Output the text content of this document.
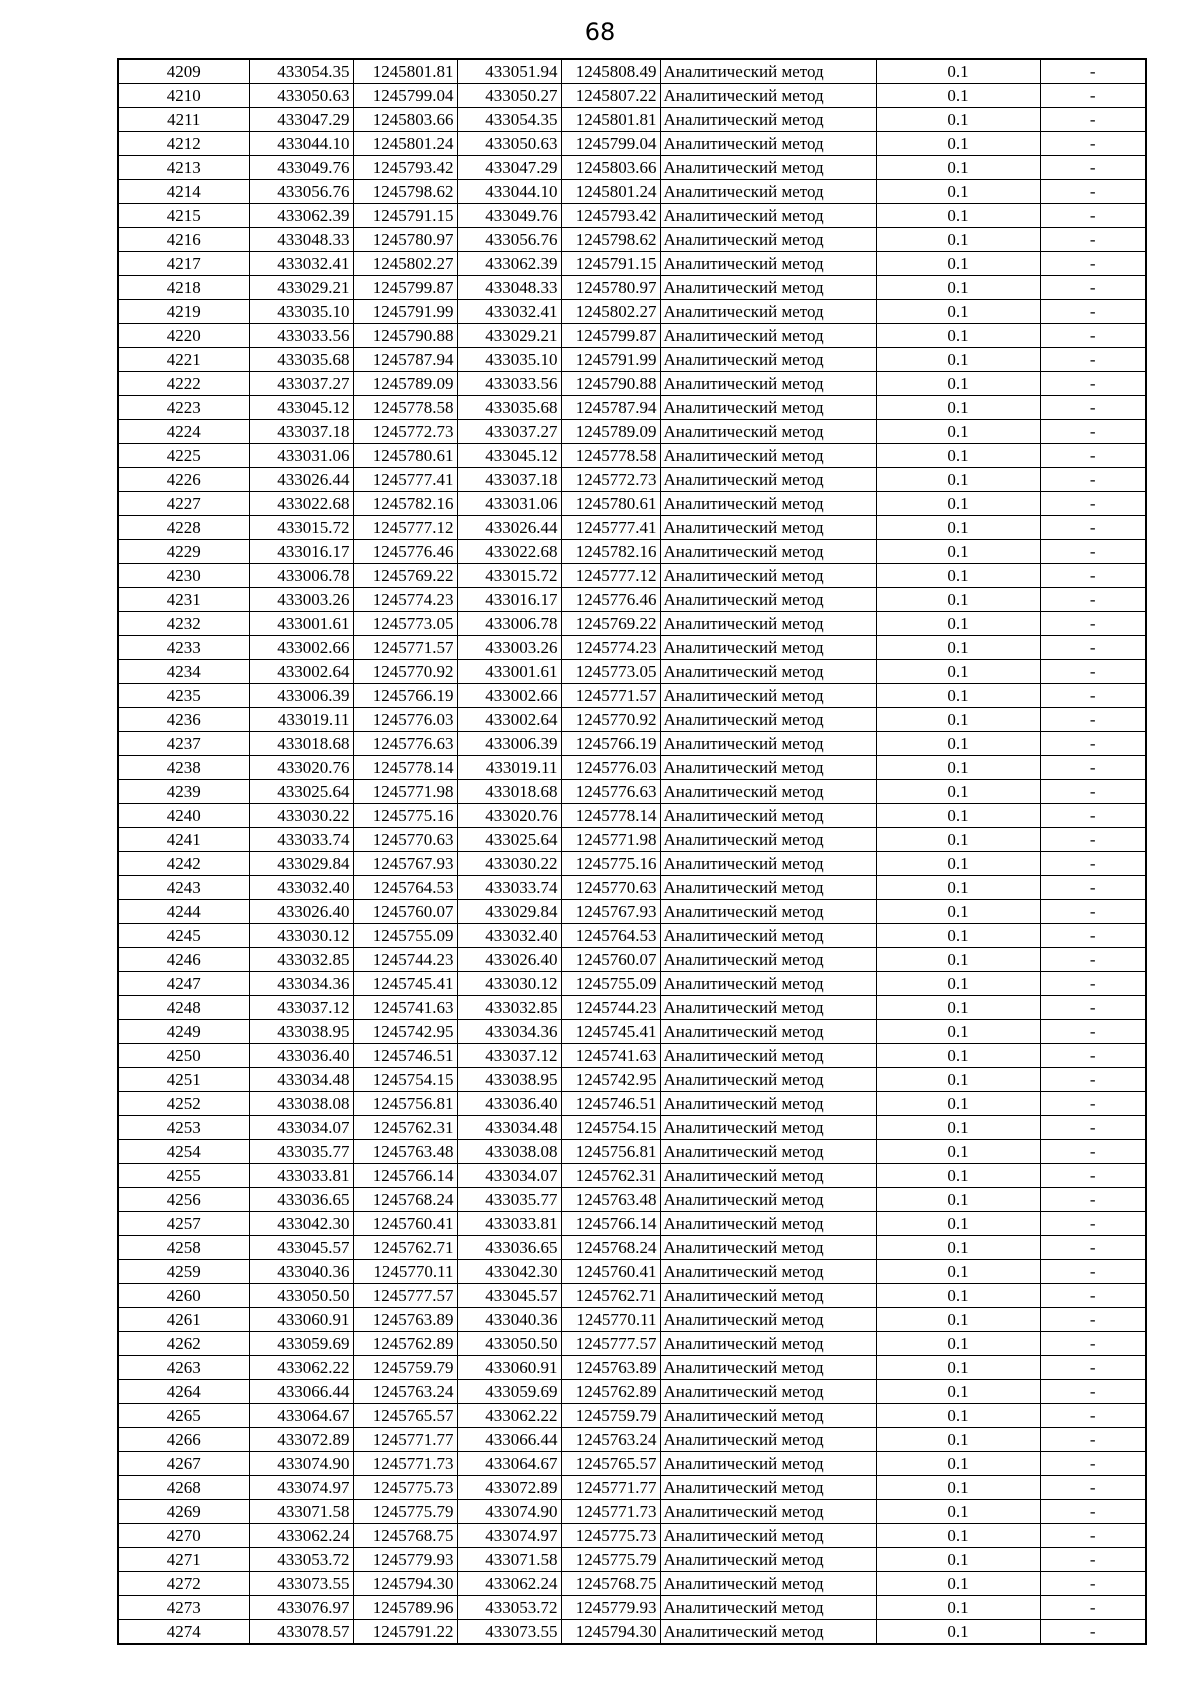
68
4209	433054.35	1245801.81	433051.94	1245808.49	Аналитический метод	0.1	-
4210	433050.63	1245799.04	433050.27	1245807.22	Аналитический метод	0.1	-
4211	433047.29	1245803.66	433054.35	1245801.81	Аналитический метод	0.1	-
4212	433044.10	1245801.24	433050.63	1245799.04	Аналитический метод	0.1	-
4213	433049.76	1245793.42	433047.29	1245803.66	Аналитический метод	0.1	-
4214	433056.76	1245798.62	433044.10	1245801.24	Аналитический метод	0.1	-
4215	433062.39	1245791.15	433049.76	1245793.42	Аналитический метод	0.1	-
4216	433048.33	1245780.97	433056.76	1245798.62	Аналитический метод	0.1	-
4217	433032.41	1245802.27	433062.39	1245791.15	Аналитический метод	0.1	-
4218	433029.21	1245799.87	433048.33	1245780.97	Аналитический метод	0.1	-
4219	433035.10	1245791.99	433032.41	1245802.27	Аналитический метод	0.1	-
4220	433033.56	1245790.88	433029.21	1245799.87	Аналитический метод	0.1	-
4221	433035.68	1245787.94	433035.10	1245791.99	Аналитический метод	0.1	-
4222	433037.27	1245789.09	433033.56	1245790.88	Аналитический метод	0.1	-
4223	433045.12	1245778.58	433035.68	1245787.94	Аналитический метод	0.1	-
4224	433037.18	1245772.73	433037.27	1245789.09	Аналитический метод	0.1	-
4225	433031.06	1245780.61	433045.12	1245778.58	Аналитический метод	0.1	-
4226	433026.44	1245777.41	433037.18	1245772.73	Аналитический метод	0.1	-
4227	433022.68	1245782.16	433031.06	1245780.61	Аналитический метод	0.1	-
4228	433015.72	1245777.12	433026.44	1245777.41	Аналитический метод	0.1	-
4229	433016.17	1245776.46	433022.68	1245782.16	Аналитический метод	0.1	-
4230	433006.78	1245769.22	433015.72	1245777.12	Аналитический метод	0.1	-
4231	433003.26	1245774.23	433016.17	1245776.46	Аналитический метод	0.1	-
4232	433001.61	1245773.05	433006.78	1245769.22	Аналитический метод	0.1	-
4233	433002.66	1245771.57	433003.26	1245774.23	Аналитический метод	0.1	-
4234	433002.64	1245770.92	433001.61	1245773.05	Аналитический метод	0.1	-
4235	433006.39	1245766.19	433002.66	1245771.57	Аналитический метод	0.1	-
4236	433019.11	1245776.03	433002.64	1245770.92	Аналитический метод	0.1	-
4237	433018.68	1245776.63	433006.39	1245766.19	Аналитический метод	0.1	-
4238	433020.76	1245778.14	433019.11	1245776.03	Аналитический метод	0.1	-
4239	433025.64	1245771.98	433018.68	1245776.63	Аналитический метод	0.1	-
4240	433030.22	1245775.16	433020.76	1245778.14	Аналитический метод	0.1	-
4241	433033.74	1245770.63	433025.64	1245771.98	Аналитический метод	0.1	-
4242	433029.84	1245767.93	433030.22	1245775.16	Аналитический метод	0.1	-
4243	433032.40	1245764.53	433033.74	1245770.63	Аналитический метод	0.1	-
4244	433026.40	1245760.07	433029.84	1245767.93	Аналитический метод	0.1	-
4245	433030.12	1245755.09	433032.40	1245764.53	Аналитический метод	0.1	-
4246	433032.85	1245744.23	433026.40	1245760.07	Аналитический метод	0.1	-
4247	433034.36	1245745.41	433030.12	1245755.09	Аналитический метод	0.1	-
4248	433037.12	1245741.63	433032.85	1245744.23	Аналитический метод	0.1	-
4249	433038.95	1245742.95	433034.36	1245745.41	Аналитический метод	0.1	-
4250	433036.40	1245746.51	433037.12	1245741.63	Аналитический метод	0.1	-
4251	433034.48	1245754.15	433038.95	1245742.95	Аналитический метод	0.1	-
4252	433038.08	1245756.81	433036.40	1245746.51	Аналитический метод	0.1	-
4253	433034.07	1245762.31	433034.48	1245754.15	Аналитический метод	0.1	-
4254	433035.77	1245763.48	433038.08	1245756.81	Аналитический метод	0.1	-
4255	433033.81	1245766.14	433034.07	1245762.31	Аналитический метод	0.1	-
4256	433036.65	1245768.24	433035.77	1245763.48	Аналитический метод	0.1	-
4257	433042.30	1245760.41	433033.81	1245766.14	Аналитический метод	0.1	-
4258	433045.57	1245762.71	433036.65	1245768.24	Аналитический метод	0.1	-
4259	433040.36	1245770.11	433042.30	1245760.41	Аналитический метод	0.1	-
4260	433050.50	1245777.57	433045.57	1245762.71	Аналитический метод	0.1	-
4261	433060.91	1245763.89	433040.36	1245770.11	Аналитический метод	0.1	-
4262	433059.69	1245762.89	433050.50	1245777.57	Аналитический метод	0.1	-
4263	433062.22	1245759.79	433060.91	1245763.89	Аналитический метод	0.1	-
4264	433066.44	1245763.24	433059.69	1245762.89	Аналитический метод	0.1	-
4265	433064.67	1245765.57	433062.22	1245759.79	Аналитический метод	0.1	-
4266	433072.89	1245771.77	433066.44	1245763.24	Аналитический метод	0.1	-
4267	433074.90	1245771.73	433064.67	1245765.57	Аналитический метод	0.1	-
4268	433074.97	1245775.73	433072.89	1245771.77	Аналитический метод	0.1	-
4269	433071.58	1245775.79	433074.90	1245771.73	Аналитический метод	0.1	-
4270	433062.24	1245768.75	433074.97	1245775.73	Аналитический метод	0.1	-
4271	433053.72	1245779.93	433071.58	1245775.79	Аналитический метод	0.1	-
4272	433073.55	1245794.30	433062.24	1245768.75	Аналитический метод	0.1	-
4273	433076.97	1245789.96	433053.72	1245779.93	Аналитический метод	0.1	-
4274	433078.57	1245791.22	433073.55	1245794.30	Аналитический метод	0.1	-
